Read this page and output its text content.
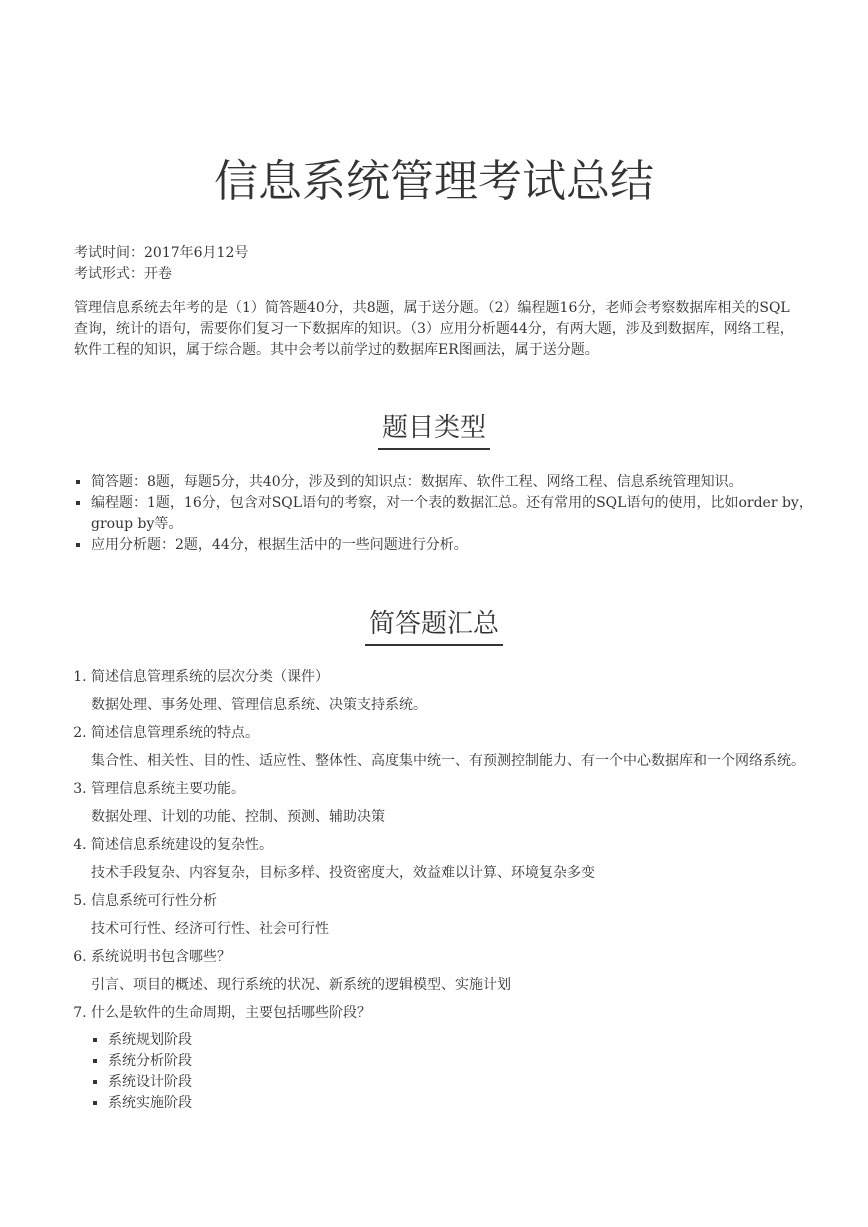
信息系统管理考试总结
考试时间：2017年6月12号
考试形式：开卷

管理信息系统去年考的是（1）简答题40分，共8题，属于送分题。（2）编程题16分，老师会考察数据库相关的SQL查询，统计的语句，需要你们复习一下数据库的知识。（3）应用分析题44分，有两大题，涉及到数据库，网络工程，软件工程的知识，属于综合题。其中会考以前学过的数据库ER图画法，属于送分题。

题目类型
▪ 简答题：8题，每题5分，共40分，涉及到的知识点：数据库、软件工程、网络工程、信息系统管理知识。
▪ 编程题：1题，16分，包含对SQL语句的考察，对一个表的数据汇总。还有常用的SQL语句的使用，比如order by，group by等。
▪ 应用分析题：2题，44分，根据生活中的一些问题进行分析。
简答题汇总
1. 简述信息管理系统的层次分类（课件）
数据处理、事务处理、管理信息系统、决策支持系统。
2. 简述信息管理系统的特点。
集合性、相关性、目的性、适应性、整体性、高度集中统一、有预测控制能力、有一个中心数据库和一个网络系统。
3. 管理信息系统主要功能。
数据处理、计划的功能、控制、预测、辅助决策
4. 简述信息系统建设的复杂性。
技术手段复杂、内容复杂，目标多样、投资密度大，效益难以计算、环境复杂多变
5. 信息系统可行性分析
技术可行性、经济可行性、社会可行性
6. 系统说明书包含哪些？
引言、项目的概述、现行系统的状况、新系统的逻辑模型、实施计划
7. 什么是软件的生命周期，主要包括哪些阶段？
▪ 系统规划阶段
▪ 系统分析阶段
▪ 系统设计阶段
▪ 系统实施阶段
